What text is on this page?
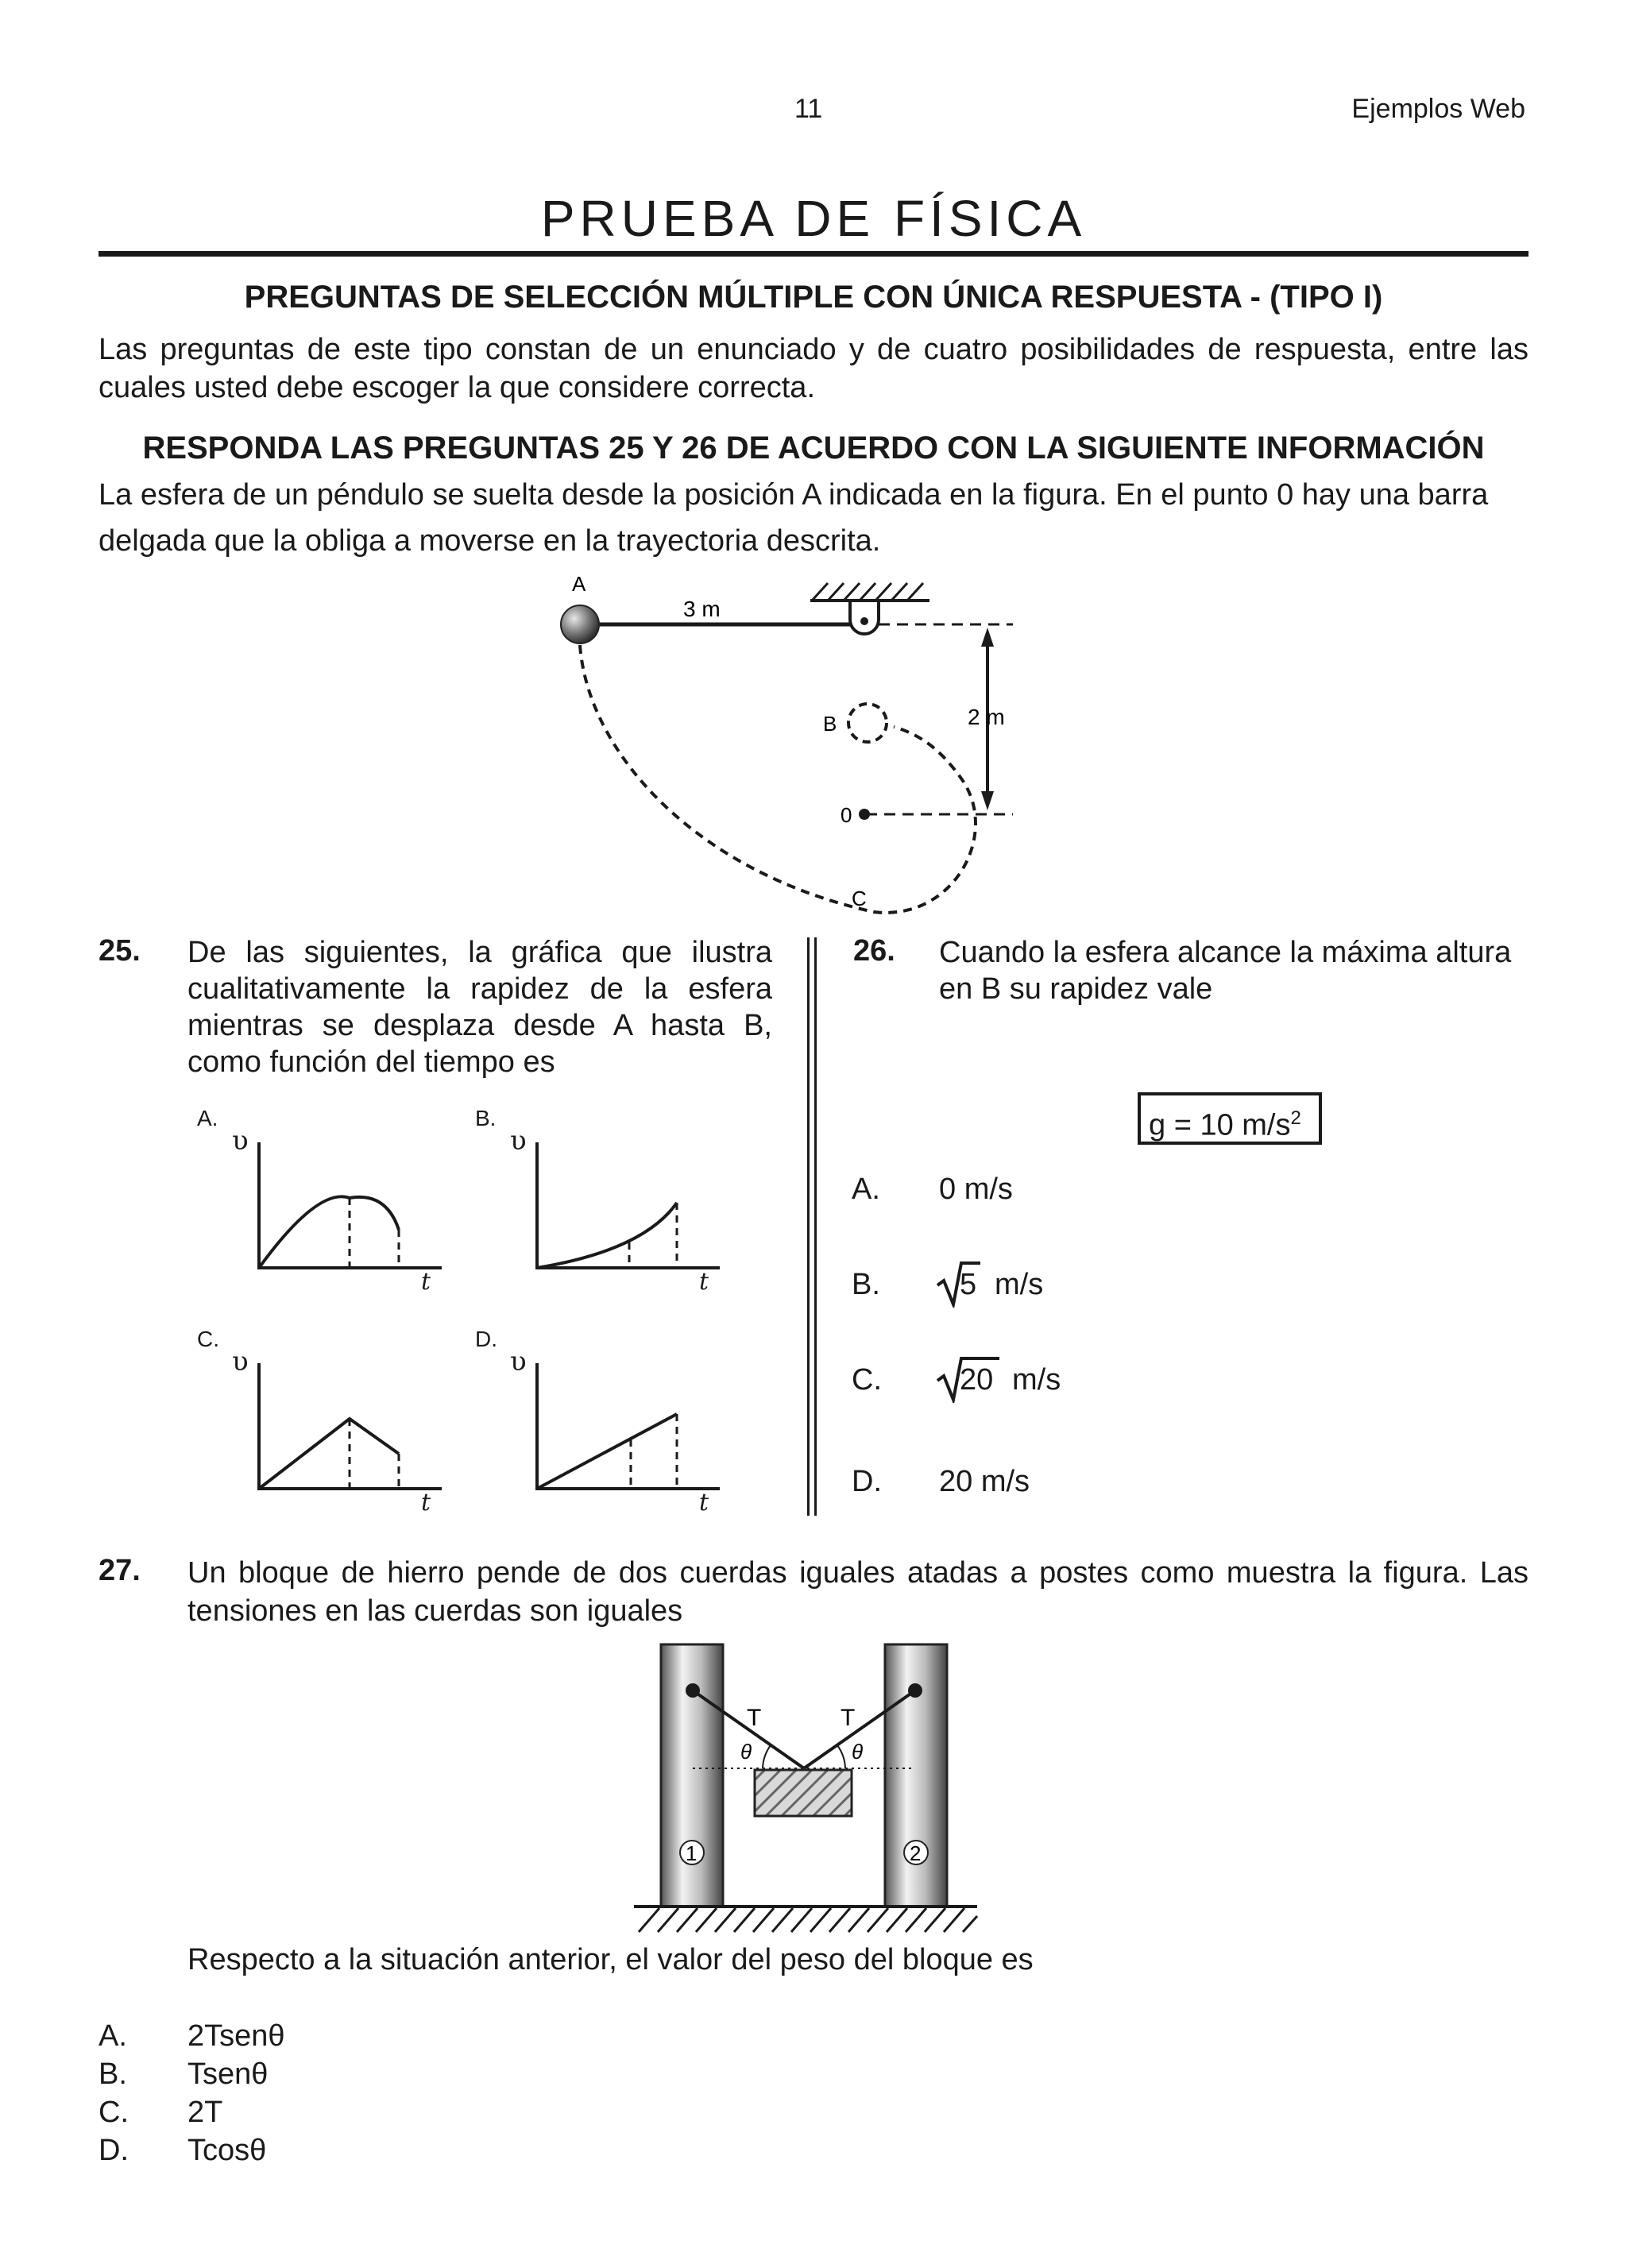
11	Ejemplos Web
PRUEBA DE FÍSICA
PREGUNTAS DE SELECCIÓN MÚLTIPLE CON ÚNICA RESPUESTA - (TIPO I)
Las preguntas de este tipo constan de un enunciado y de cuatro posibilidades de respuesta, entre las cuales usted debe escoger la que considere correcta.
RESPONDA LAS PREGUNTAS 25 Y 26 DE ACUERDO CON LA SIGUIENTE INFORMACIÓN
La esfera de un péndulo se suelta desde la posición A indicada en la figura. En el punto 0 hay una barra delgada que la obliga a moverse en la trayectoria descrita.
A
3 m
2 m
B
0
C
25. De las siguientes, la gráfica que ilustra cualitativamente la rapidez de la esfera mientras se desplaza desde A hasta B, como función del tiempo es
A.
υ
t
B.
υ
t
C.
υ
t
D.
υ
t
26. Cuando la esfera alcance la máxima altura en B su rapidez vale
g = 10 $m/s^2$
A. 0 m/s
B.	5 m/s
C.	20 m/s
D. 20 m/s
27. Un bloque de hierro pende de dos cuerdas iguales atadas a postes como muestra la figura. Las tensiones en las cuerdas son iguales
T	T
θ	θ
1	2
Respecto a la situación anterior, el valor del peso del bloque es
A. 2Tsenθ
B. Tsenθ
C. 2T
D. Tcosθ
